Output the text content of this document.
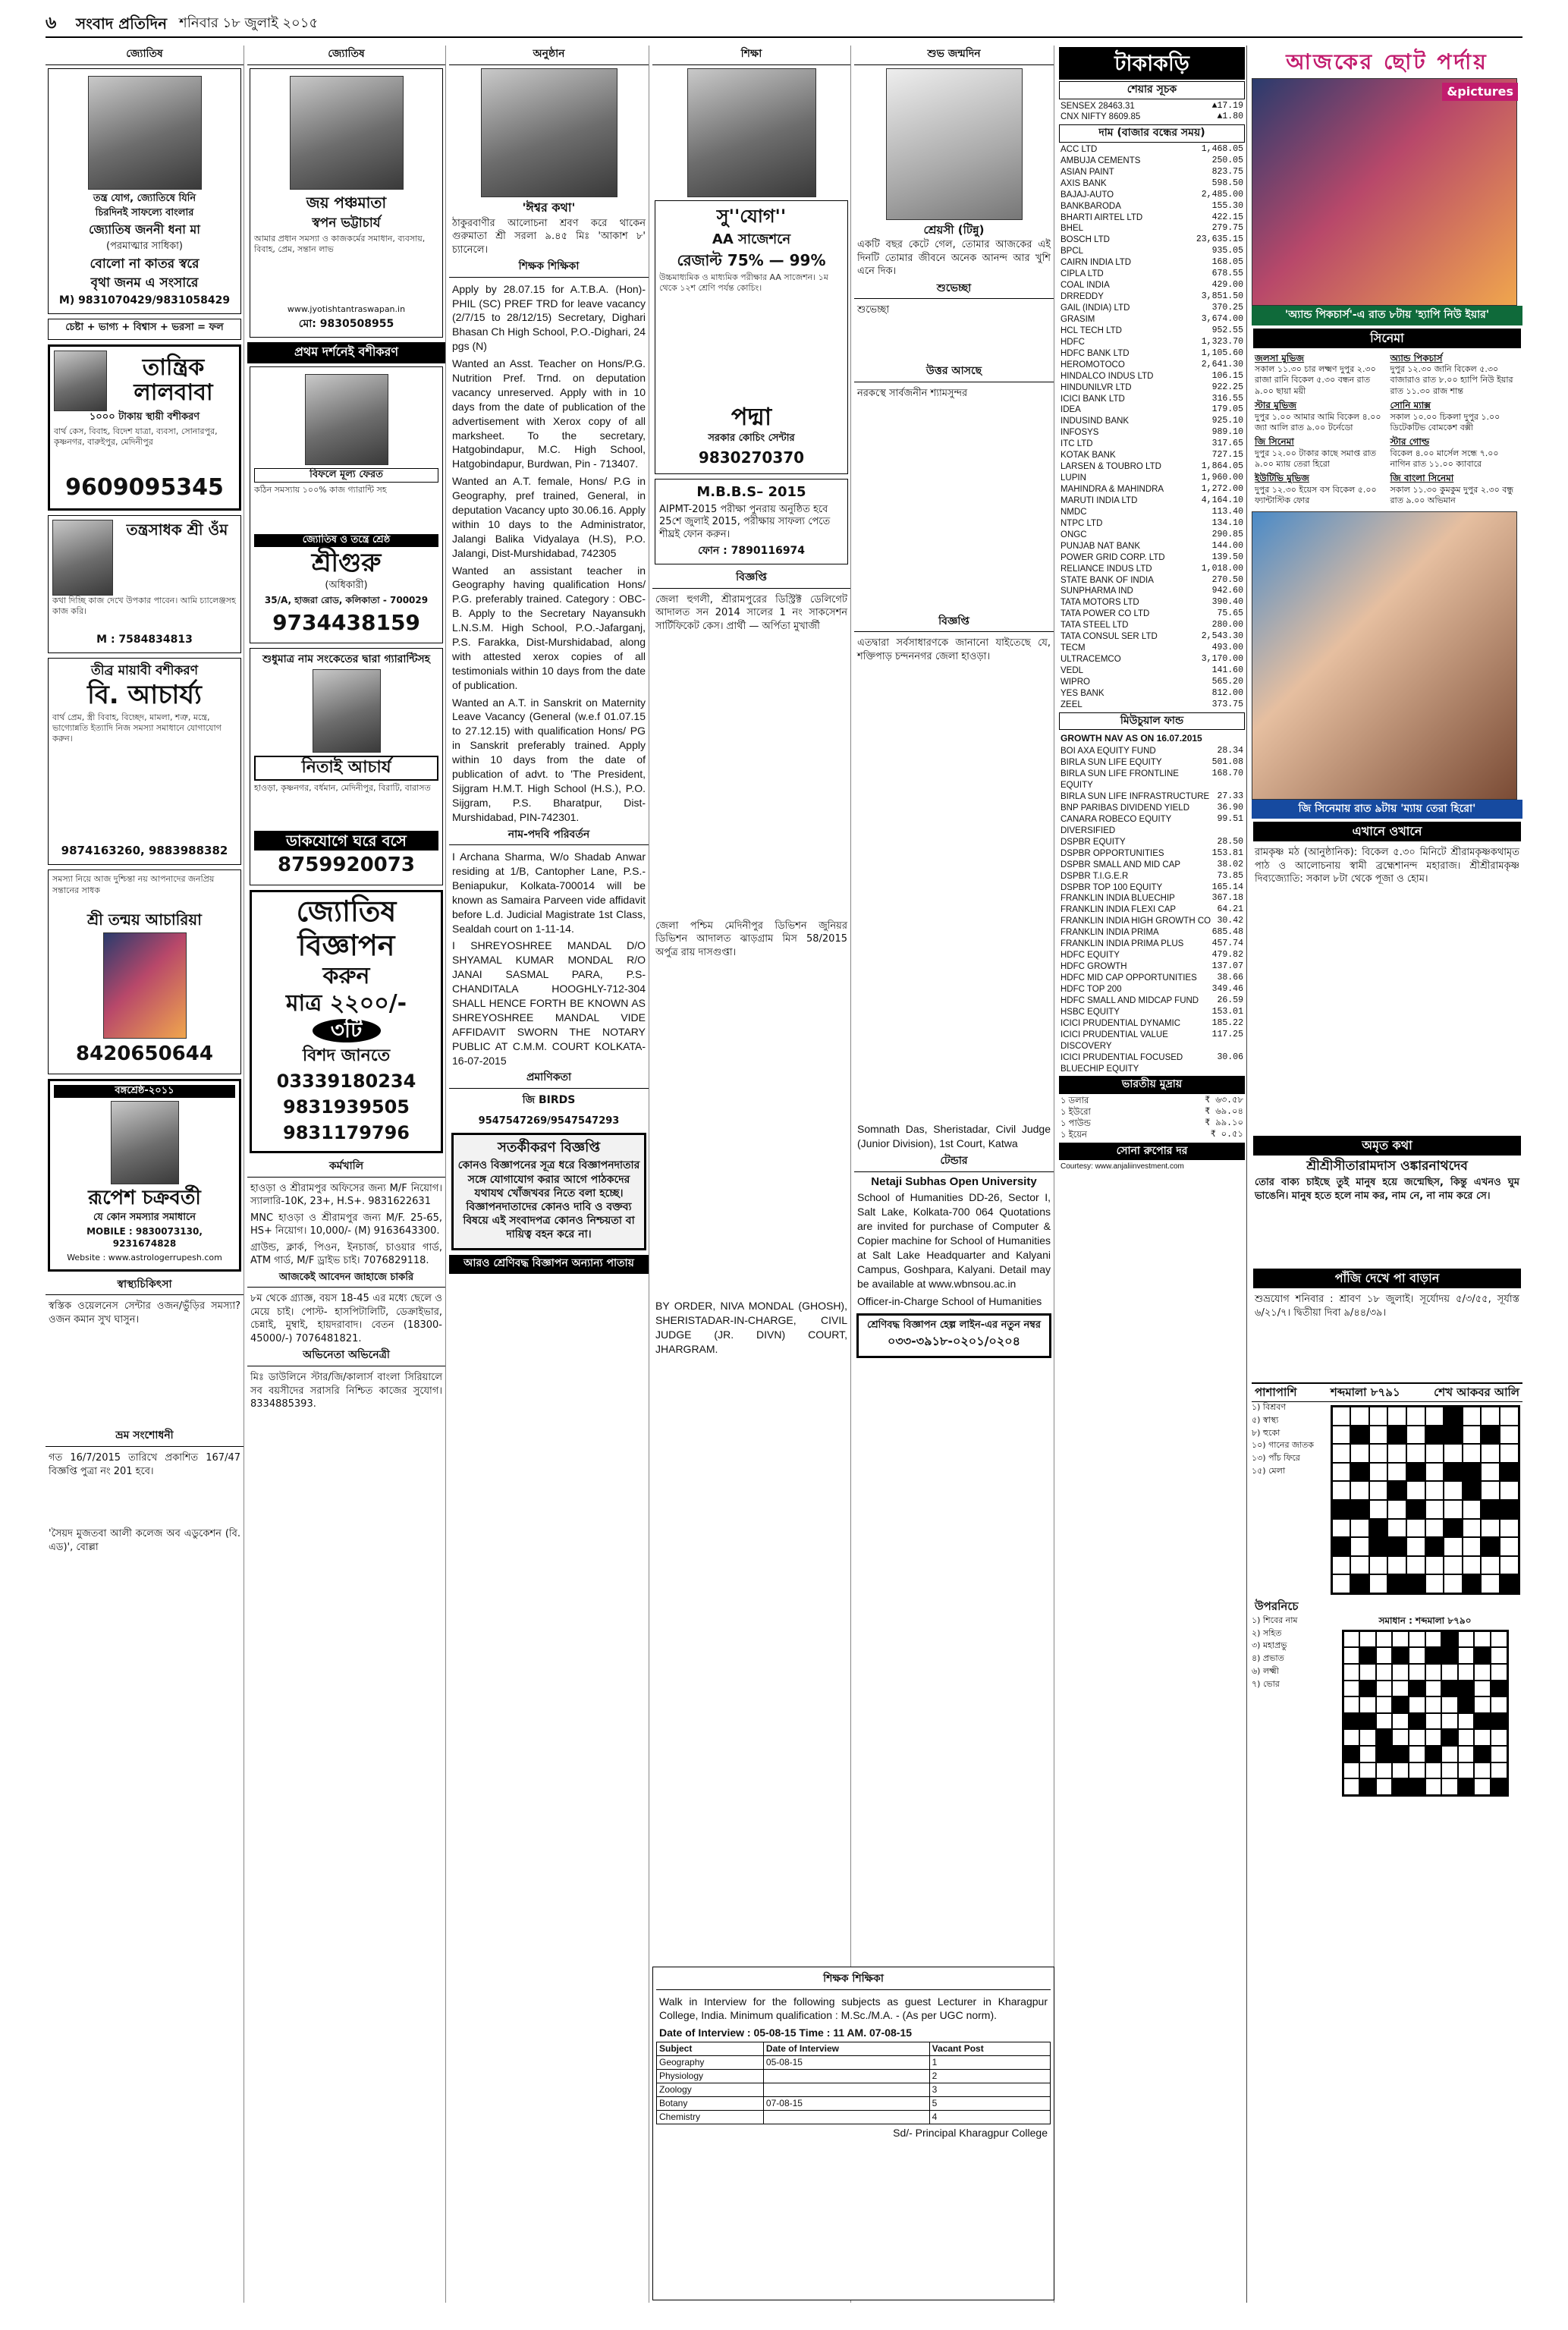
৬	সংবাদ প্রতিদিন শনিবার ১৮ জুলাই ২০১৫
জ্যোতিষ

তন্ত্র যোগ, জ্যোতিষে যিনি

চিরদিনই সাফল্যে বাংলার

জ্যোতিষ জননী ধনা মা

(পরমাত্মার সাধিকা)

বোলো না কাতর স্বরে

বৃথা জনম এ সংসারে

M) 9831070429/9831058429

চেষ্টা + ভাগ্য + বিশ্বাস + ভরসা = ফল

তান্ত্রিক লালবাবা

১০০০ টাকায় স্থায়ী বশীকরণ

বার্থ কেস, বিবাহ, বিদেশ যাত্রা, ব্যবসা, সোনারপুর, কৃষ্ণনগর, বারুইপুর, মেদিনীপুর

9609095345

তন্ত্রসাধক শ্রী ওঁম

কথা দিচ্ছি কাজ দেখে উপকার পাবেন। আমি চ্যালেঞ্জসহ কাজ করি।

M : 7584834813

তীব্র মায়াবী বশীকরণ

বি. আচার্য্য

বার্থ প্রেম, স্ত্রী বিবাহ, বিচ্ছেদ, মামলা, শত্রু, মন্ত্রে, ভাগ্যোন্নতি ইত্যাদি নিজ সমস্যা সমাধানে যোগাযোগ করুন।

9874163260, 9883988382

সমস্যা নিয়ে আজ দুশ্চিন্তা নয় আপনাদের জনপ্রিয় সন্তানের সাধক

শ্রী তন্ময় আচারিয়া

8420650644

বঙ্গশ্রেষ্ঠ-২০১১

রূপেশ চক্রবর্তী

যে কোন সমস্যার সমাধানে

MOBILE : 9830073130, 9231674828

Website : www.astrologerrupesh.com

স্বাস্থ্যচিকিৎসা
স্বস্তিক ওয়েলনেস সেন্টার ওজন/ভুঁড়ির সমস্যা? ওজন কমান সুখ ঘাসুন।
ভ্রম সংশোধনী
গত 16/7/2015 তারিখে প্রকাশিত 167/47 বিজ্ঞপ্তি পুত্রা নং 201 হবে।
'সৈয়দ মুজতবা আলী কলেজ অব এডুকেশন (বি. এড)', বোল্লা
জ্যোতিষ

জয় পঞ্চমাতা

স্বপন ভট্টাচার্য

আমার প্রধান সমস্যা ও কাজকর্মের সমাধান, ব্যবসায়, বিবাহ, প্রেম, সন্তান লাভ

www.jyotishtantraswapan.in

মো: 9830508955

প্রথম দর্শনেই বশীকরণ

বিফলে মূল্য ফেরত

কঠিন সমস্যায় ১০০% কাজ গ্যারান্টি সহ

জ্যোতিষ ও তন্ত্রে শ্রেষ্ঠ

শ্রীগুরু

(অধিকারী)

35/A, হাজরা রোড, কলিকাতা - 700029

9734438159

শুধুমাত্র নাম সংকেতের দ্বারা গ্যারান্টিসহ

নিতাই আচার্য

হাওড়া, কৃষ্ণনগর, বর্ধমান, মেদিনীপুর, বিরাটি, বারাসত

ডাকযোগে ঘরে বসে

8759920073

জ্যোতিষ

বিজ্ঞাপন

করুন

মাত্র ২২০০/-

৩টি

বিশদ জানতে

03339180234

9831939505

9831179796

কর্মখালি
হাওড়া ও শ্রীরামপুর অফিসের জন্য M/F নিয়োগ। স্যালারি-10K, 23+, H.S+. 9831622631
MNC হাওড়া ও শ্রীরামপুর জন্য M/F. 25-65, HS+ নিয়োগ। 10,000/- (M) 9163643300.
গ্রাউন্ড, ক্লার্ক, পিওন, ইনচার্জ, চাওয়ার গার্ড, ATM গার্ড, M/F ড্রাইভ চাই। 7076829118.
আজকেই আবেদন জাহাজে চাকরি
৮ম থেকে গ্র্যাজ্ঞ, বয়স 18-45 এর মধ্যে ছেলে ও মেয়ে চাই। পোস্ট- হাসপিটালিটি, ডেক্রাইভার, চেন্নাই, মুম্বাই, হায়দরাবাদ। বেতন (18300- 45000/-) 7076481821.
অভিনেতা অভিনেত্রী
মিঃ ডাউলিনে স্টার/জি/কালার্স বাংলা সিরিয়ালে সব বয়সীদের সরাসরি নিশ্চিত কাজের সুযোগ। 8334885393.
অনুষ্ঠান

'ঈশ্বর কথা'

ঠাকুরবাণীর আলোচনা শ্রবণ করে থাকেন গুরুমাতা শ্রী সরলা ৯.৪৫ মিঃ 'আকাশ ৮' চ্যানেলে।
শিক্ষক শিক্ষিকা
Apply by 28.07.15 for A.T.B.A. (Hon)-PHIL (SC) PREF TRD for leave vacancy (2/7/15 to 28/12/15) Secretary, Dighari Bhasan Ch High School, P.O.-Dighari, 24 pgs (N)
Wanted an Asst. Teacher on Hons/P.G. Nutrition Pref. Trnd. on deputation vacancy unreserved. Apply with in 10 days from the date of publication of the advertisement with Xerox copy of all marksheet. To the secretary, Hatgobindapur, M.C. High School, Hatgobindapur, Burdwan, Pin - 713407.
Wanted an A.T. female, Hons/ P.G in Geography, pref trained, General, in deputation Vacancy upto 30.06.16. Apply within 10 days to the Administrator, Jalangi Balika Vidyalaya (H.S), P.O. Jalangi, Dist-Murshidabad, 742305
Wanted an assistant teacher in Geography having qualification Hons/ P.G. preferably trained. Category : OBC-B. Apply to the Secretary Nayansukh L.N.S.M. High School, P.O.-Jafarganj, P.S. Farakka, Dist-Murshidabad, along with attested xerox copies of all testimonials within 10 days from the date of publication.
Wanted an A.T. in Sanskrit on Maternity Leave Vacancy (General (w.e.f 01.07.15 to 27.12.15) with qualification Hons/ PG in Sanskrit preferably trained. Apply within 10 days from the date of publication of advt. to 'The President, Sijgram H.M.T. High School (H.S.), P.O. Sijgram, P.S. Bharatpur, Dist-Murshidabad, PIN-742301.
নাম-পদবি পরিবর্তন
I Archana Sharma, W/o Shadab Anwar residing at 1/B, Cantopher Lane, P.S.- Beniapukur, Kolkata-700014 will be known as Samaira Parveen vide affidavit before L.d. Judicial Magistrate 1st Class, Sealdah court on 1-11-14.
I SHREYOSHREE MANDAL D/O SHYAMAL KUMAR MONDAL R/O JANAI SASMAL PARA, P.S-CHANDITALA HOOGHLY-712-304 SHALL HENCE FORTH BE KNOWN AS SHREYOSHREE MANDAL VIDE AFFIDAVIT SWORN THE NOTARY PUBLIC AT C.M.M. COURT KOLKATA-16-07-2015
প্রমাণিকতা
জি BIRDS
9547547269/9547547293

সতর্কীকরণ বিজ্ঞপ্তি

কোনও বিজ্ঞাপনের সূত্র ধরে বিজ্ঞাপনদাতার সঙ্গে যোগাযোগ করার আগে পাঠকদের যথাযথ খোঁজখবর নিতে বলা হচ্ছে। বিজ্ঞাপনদাতাদের কোনও দাবি ও বক্তব্য বিষয়ে এই সংবাদপত্র কোনও নিশ্চয়তা বা দায়িত্ব বহন করে না।

আরও শ্রেণিবদ্ধ বিজ্ঞাপন অন্যান্য পাতায়
শিক্ষা

সু''যোগ''

AA সাজেশনে

রেজাল্ট 75% — 99%

উচ্চমাধ্যমিক ও মাধ্যমিক পরীক্ষার AA সাজেশন। ১ম থেকে ১২শ শ্রেণি পর্যন্ত কোচিং।

পদ্মা

সরকার কোচিং সেন্টার

9830270370

M.B.B.S– 2015

AIPMT-2015 পরীক্ষা পুনরায় অনুষ্ঠিত হবে 25শে জুলাই 2015, পরীক্ষায় সাফল্য পেতে শীঘ্রই ফোন করুন।

ফোন : 7890116974

বিজ্ঞপ্তি
জেলা হুগলী, শ্রীরামপুরের ডিস্ট্রিক্ট ডেলিগেট আদালত সন 2014 সালের 1 নং সাকসেশন সার্টিফিকেট কেস। প্রার্থী — অর্পিতা মুখার্জী
জেলা পশ্চিম মেদিনীপুর ডিভিশন জুনিয়র ডিভিশন আদালত ঝাড়গ্রাম মিস 58/2015 অর্পুত্র রায় দাসগুপ্তা।
BY ORDER, NIVA MONDAL (GHOSH), SHERISTADAR-IN-CHARGE, CIVIL JUDGE (JR. DIVN) COURT, JHARGRAM.
শুভ জন্মদিন

শ্রেয়সী (টিন্নু)

একটি বছর কেটে গেল, তোমার আজকের এই দিনটি তোমার জীবনে অনেক আনন্দ আর খুশি এনে দিক।
শুভেচ্ছা
শুভেচ্ছা
উত্তর আসছে
নরকস্থে সার্বজনীন শ্যামসুন্দর
বিজ্ঞপ্তি
এতদ্বারা সর্বসাধারণকে জানানো যাইতেছে যে, শক্তিপাড় চন্দননগর জেলা হাওড়া।
Somnath Das, Sheristadar, Civil Judge (Junior Division), 1st Court, Katwa
টেন্ডার

Netaji Subhas Open University

School of Humanities DD-26, Sector I, Salt Lake, Kolkata-700 064 Quotations are invited for purchase of Computer & Copier machine for School of Humanities at Salt Lake Headquarter and Kalyani Campus, Goshpara, Kalyani. Detail may be available at www.wbnsou.ac.in
Officer-in-Charge School of Humanities

শ্রেণিবদ্ধ বিজ্ঞাপন হেল্প লাইন-এর নতুন নম্বর

০৩৩-৩৯১৮-০২০১/০২০৪

শিক্ষক শিক্ষিকা
Walk in Interview for the following subjects as guest Lecturer in Kharagpur College, India. Minimum qualification : M.Sc./M.A. - (As per UGC norm).
Date of Interview : 05-08-15 Time : 11 AM. 07-08-15
Subject	Date of Interview	Vacant Post
Geography	05-08-15	1
Physiology		2
Zoology		3
Botany	07-08-15	5
Chemistry		4
Sd/- Principal Kharagpur College
টাকাকড়ি
শেয়ার সূচক
SENSEX 28463.31	▲17.19
CNX NIFTY 8609.85	▲1.80
দাম (বাজার বন্ধের সময়)
ACC LTD	1,468.05
AMBUJA CEMENTS	250.05
ASIAN PAINT	823.75
AXIS BANK	598.50
BAJAJ-AUTO	2,485.00
BANKBARODA	155.30
BHARTI AIRTEL LTD	422.15
BHEL	279.75
BOSCH LTD	23,635.15
BPCL	935.05
CAIRN INDIA LTD	168.05
CIPLA LTD	678.55
COAL INDIA	429.00
DRREDDY	3,851.50
GAIL (INDIA) LTD	370.25
GRASIM	3,674.00
HCL TECH LTD	952.55
HDFC	1,323.70
HDFC BANK LTD	1,105.60
HEROMOTOCO	2,641.30
HINDALCO INDUS LTD	106.15
HINDUNILVR LTD	922.25
ICICI BANK LTD	316.55
IDEA	179.05
INDUSIND BANK	925.10
INFOSYS	989.10
ITC LTD	317.65
KOTAK BANK	727.15
LARSEN & TOUBRO LTD	1,864.05
LUPIN	1,960.00
MAHINDRA & MAHINDRA	1,272.00
MARUTI INDIA LTD	4,164.10
NMDC	113.40
NTPC LTD	134.10
ONGC	290.85
PUNJAB NAT BANK	144.00
POWER GRID CORP. LTD	139.50
RELIANCE INDUS LTD	1,018.00
STATE BANK OF INDIA	270.50
SUNPHARMA IND	942.60
TATA MOTORS LTD	390.40
TATA POWER CO LTD	75.65
TATA STEEL LTD	280.00
TATA CONSUL SER LTD	2,543.30
TECM	493.00
ULTRACEMCO	3,170.00
VEDL	141.60
WIPRO	565.20
YES BANK	812.00
ZEEL	373.75
মিউচুয়াল ফান্ড
GROWTH NAV AS ON 16.07.2015
BOI AXA EQUITY FUND	28.34
BIRLA SUN LIFE EQUITY	501.08
BIRLA SUN LIFE FRONTLINE EQUITY
168.70
BIRLA SUN LIFE INFRASTRUCTURE 27.33
BNP PARIBAS DIVIDEND YIELD	36.90
CANARA ROBECO EQUITY DIVERSIFIED
99.51
DSPBR EQUITY	28.50
DSPBR OPPORTUNITIES	153.81
DSPBR SMALL AND MID CAP	38.02
DSPBR T.I.G.E.R	73.85
DSPBR TOP 100 EQUITY	165.14
FRANKLIN INDIA BLUECHIP	367.18
FRANKLIN INDIA FLEXI CAP	64.21
FRANKLIN INDIA HIGH GROWTH CO 30.42
FRANKLIN INDIA PRIMA	685.48
FRANKLIN INDIA PRIMA PLUS	457.74
HDFC EQUITY	479.82
HDFC GROWTH	137.07
HDFC MID CAP OPPORTUNITIES 38.66
HDFC TOP 200	349.46
HDFC SMALL AND MIDCAP FUND 26.59
HSBC EQUITY	153.01
ICICI PRUDENTIAL DYNAMIC	185.22
ICICI PRUDENTIAL VALUE DISCOVERY
117.25
ICICI PRUDENTIAL FOCUSED BLUECHIP EQUITY
30.06
ভারতীয় মুদ্রায়
১ ডলার	₹ ৬৩.৫৮
১ ইউরো	₹ ৬৯.০৪
১ পাউন্ড	₹ ৯৯.১০
১ ইয়েন	₹ ০.৫১
সোনা রুপোর দর
Courtesy: www.anjaliinvestment.com
আজকের ছোট পর্দায়
&pictures
'অ্যান্ড পিকচার্স'-এ রাত ৮টায় 'হ্যাপি নিউ ইয়ার'
সিনেমা
জলসা মুভিজ
সকাল ১১.৩০ চার লক্ষ্মণ দুপুর ২.৩০ রাজা রানি বিকেল ৫.৩০ বন্ধন রাত ৯.০০ ছায়া ময়ী
অ্যান্ড পিকচার্স
দুপুর ১২.৩০ জানি বিকেল ৫.৩০ বাজারাও রাত ৮.০০ হ্যাপি নিউ ইয়ার রাত ১১.৩০ রাজ শান্ত
স্টার মুভিজ
দুপুর ১.০০ আমার আমি বিকেল ৪.০০ জ্যা আলি রাত ৯.০০ টর্নেডো
সোনি ম্যাক্স
সকাল ১০.০০ চিকলা দুপুর ১.০০ ডিটেকটিভ বোমকেশ বক্সী
জি সিনেমা
দুপুর ১২.০০ টাকার কাছে সমাপ্ত রাত ৯.০০ ম্যায় তেরা হিরো
স্টার গোল্ড
বিকেল ৪.০০ মার্সেল সন্ধে ৭.০০ নাগিন রাত ১১.০০ ক্যাবারে
ইউটিভি মুভিজ
দুপুর ১২.৩০ ইয়েস বস বিকেল ৫.০০ ফ্যান্টাস্টিক ফোর
জি বাংলা সিনেমা
সকাল ১১.৩০ কুমকুম দুপুর ২.৩০ বন্ধু রাত ৯.০০ অভিমান
জি সিনেমায় রাত ৯টায় 'ম্যায় তেরা হিরো'
এখানে ওখানে
রামকৃষ্ণ মঠ (আনুষ্ঠানিক): বিকেল ৫.৩০ মিনিটে শ্রীরামকৃষ্ণকথামৃত পাঠ ও আলোচনায় স্বামী ব্রহ্মেশানন্দ মহারাজ। শ্রীশ্রীরামকৃষ্ণ দিব্যজ্যোতি: সকাল ৮টা থেকে পূজা ও হোম।
অমৃত কথা

শ্রীশ্রীসীতারামদাস ওঙ্কারনাথদেব

তোর বাক্য চাইছে তুই মানুষ হয়ে জন্মেছিস, কিন্তু এখনও ঘুম ভাঙেনি। মানুষ হতে হলে নাম কর, নাম নে, না নাম করে সে।
পাঁজি দেখে পা বাড়ান
শুভ্রযোগ শনিবার : শ্রাবণ ১৮ জুলাই। সূর্যোদয় ৫/৩/৫৫, সূর্যাস্ত ৬/২১/৭। দ্বিতীয়া দিবা ৯/৪৪/৩৯।
পাশাপাশি	শব্দমালা ৮৭৯১	শেখ আকবর আলি
১) বিশ্রবণ
৫) স্বাস্থ্য
৮) হুকো
১০) গানের জাতক
১৩) পাঁচ ফিরে
১৫) মেলা
উপরনিচে
১) শিবের নাম
২) সহিত
৩) মহাপ্রভু
৪) প্রভাত
৬) লক্ষ্মী
৭) ভোর
সমাধান : শব্দমালা ৮৭৯০
